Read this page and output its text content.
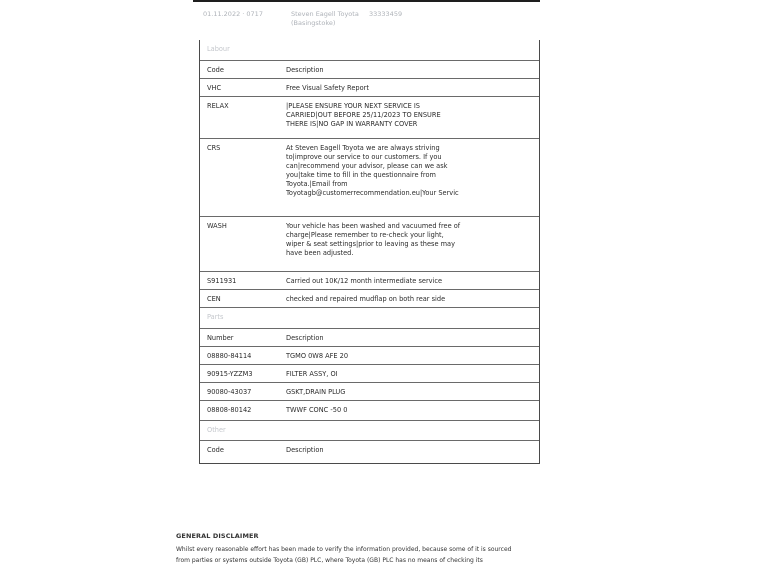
01.11.2022 · 0717	Steven Eagell Toyota
(Basingstoke)
33333459
Labour
Code	Description
VHC	Free Visual Safety Report
RELAX	|PLEASE ENSURE YOUR NEXT SERVICE IS
CARRIED|OUT BEFORE 25/11/2023 TO ENSURE
THERE IS|NO GAP IN WARRANTY COVER
CRS	At Steven Eagell Toyota we are always striving
to|improve our service to our customers. If you
can|recommend your advisor, please can we ask
you|take time to fill in the questionnaire from
Toyota.|Email from
Toyotagb@customerrecommendation.eu|Your Servic
WASH	Your vehicle has been washed and vacuumed free of
charge|Please remember to re-check your light,
wiper & seat settings|prior to leaving as these may
have been adjusted.
S911931	Carried out 10K/12 month intermediate service
CEN	checked and repaired mudflap on both rear side
Parts
Number	Description
08880-84114	TGMO 0W8 AFE 20
90915-YZZM3	FILTER ASSY, OI
90080-43037	GSKT,DRAIN PLUG
08808-80142	TWWF CONC -50 0
Other
Code	Description
GENERAL DISCLAIMER
Whilst every reasonable effort has been made to verify the information provided, because some of it is sourced
from parties or systems outside Toyota (GB) PLC, where Toyota (GB) PLC has no means of checking its
